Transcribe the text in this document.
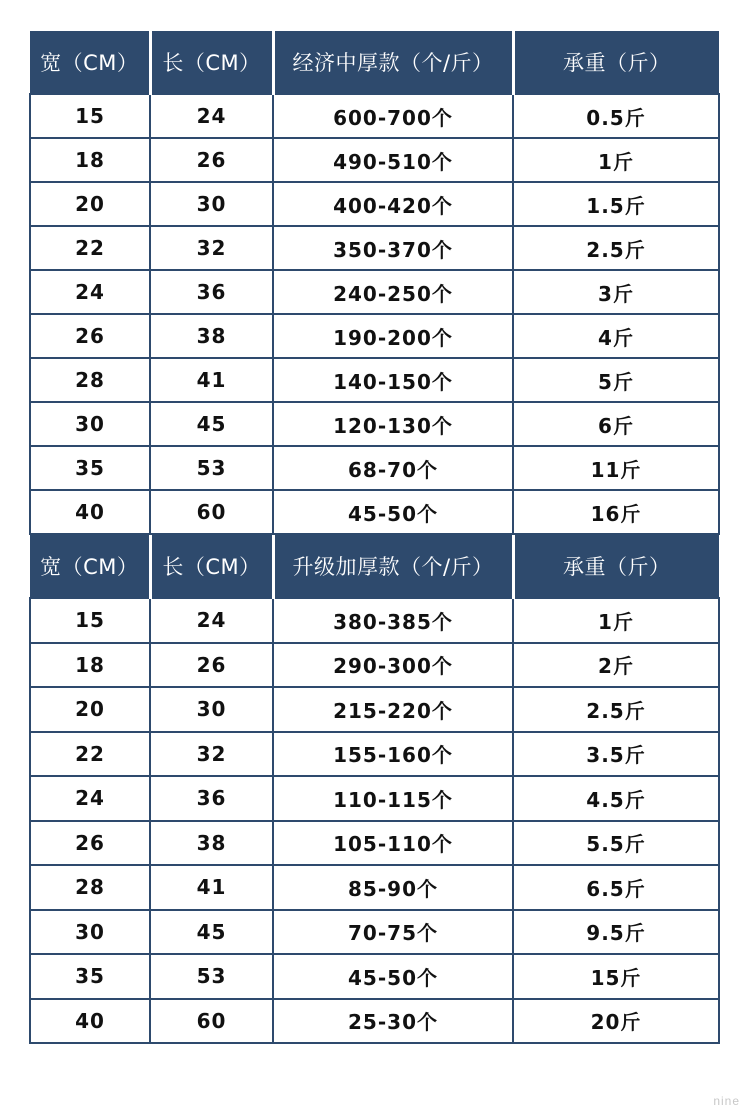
宽（CM）	长（CM）	经济中厚款（个/斤）	承重（斤）
15	24	600-700个	0.5斤
18	26	490-510个	1斤
20	30	400-420个	1.5斤
22	32	350-370个	2.5斤
24	36	240-250个	3斤
26	38	190-200个	4斤
28	41	140-150个	5斤
30	45	120-130个	6斤
35	53	68-70个	11斤
40	60	45-50个	16斤
宽（CM）	长（CM）	升级加厚款（个/斤）	承重（斤）
15	24	380-385个	1斤
18	26	290-300个	2斤
20	30	215-220个	2.5斤
22	32	155-160个	3.5斤
24	36	110-115个	4.5斤
26	38	105-110个	5.5斤
28	41	85-90个	6.5斤
30	45	70-75个	9.5斤
35	53	45-50个	15斤
40	60	25-30个	20斤
nine
